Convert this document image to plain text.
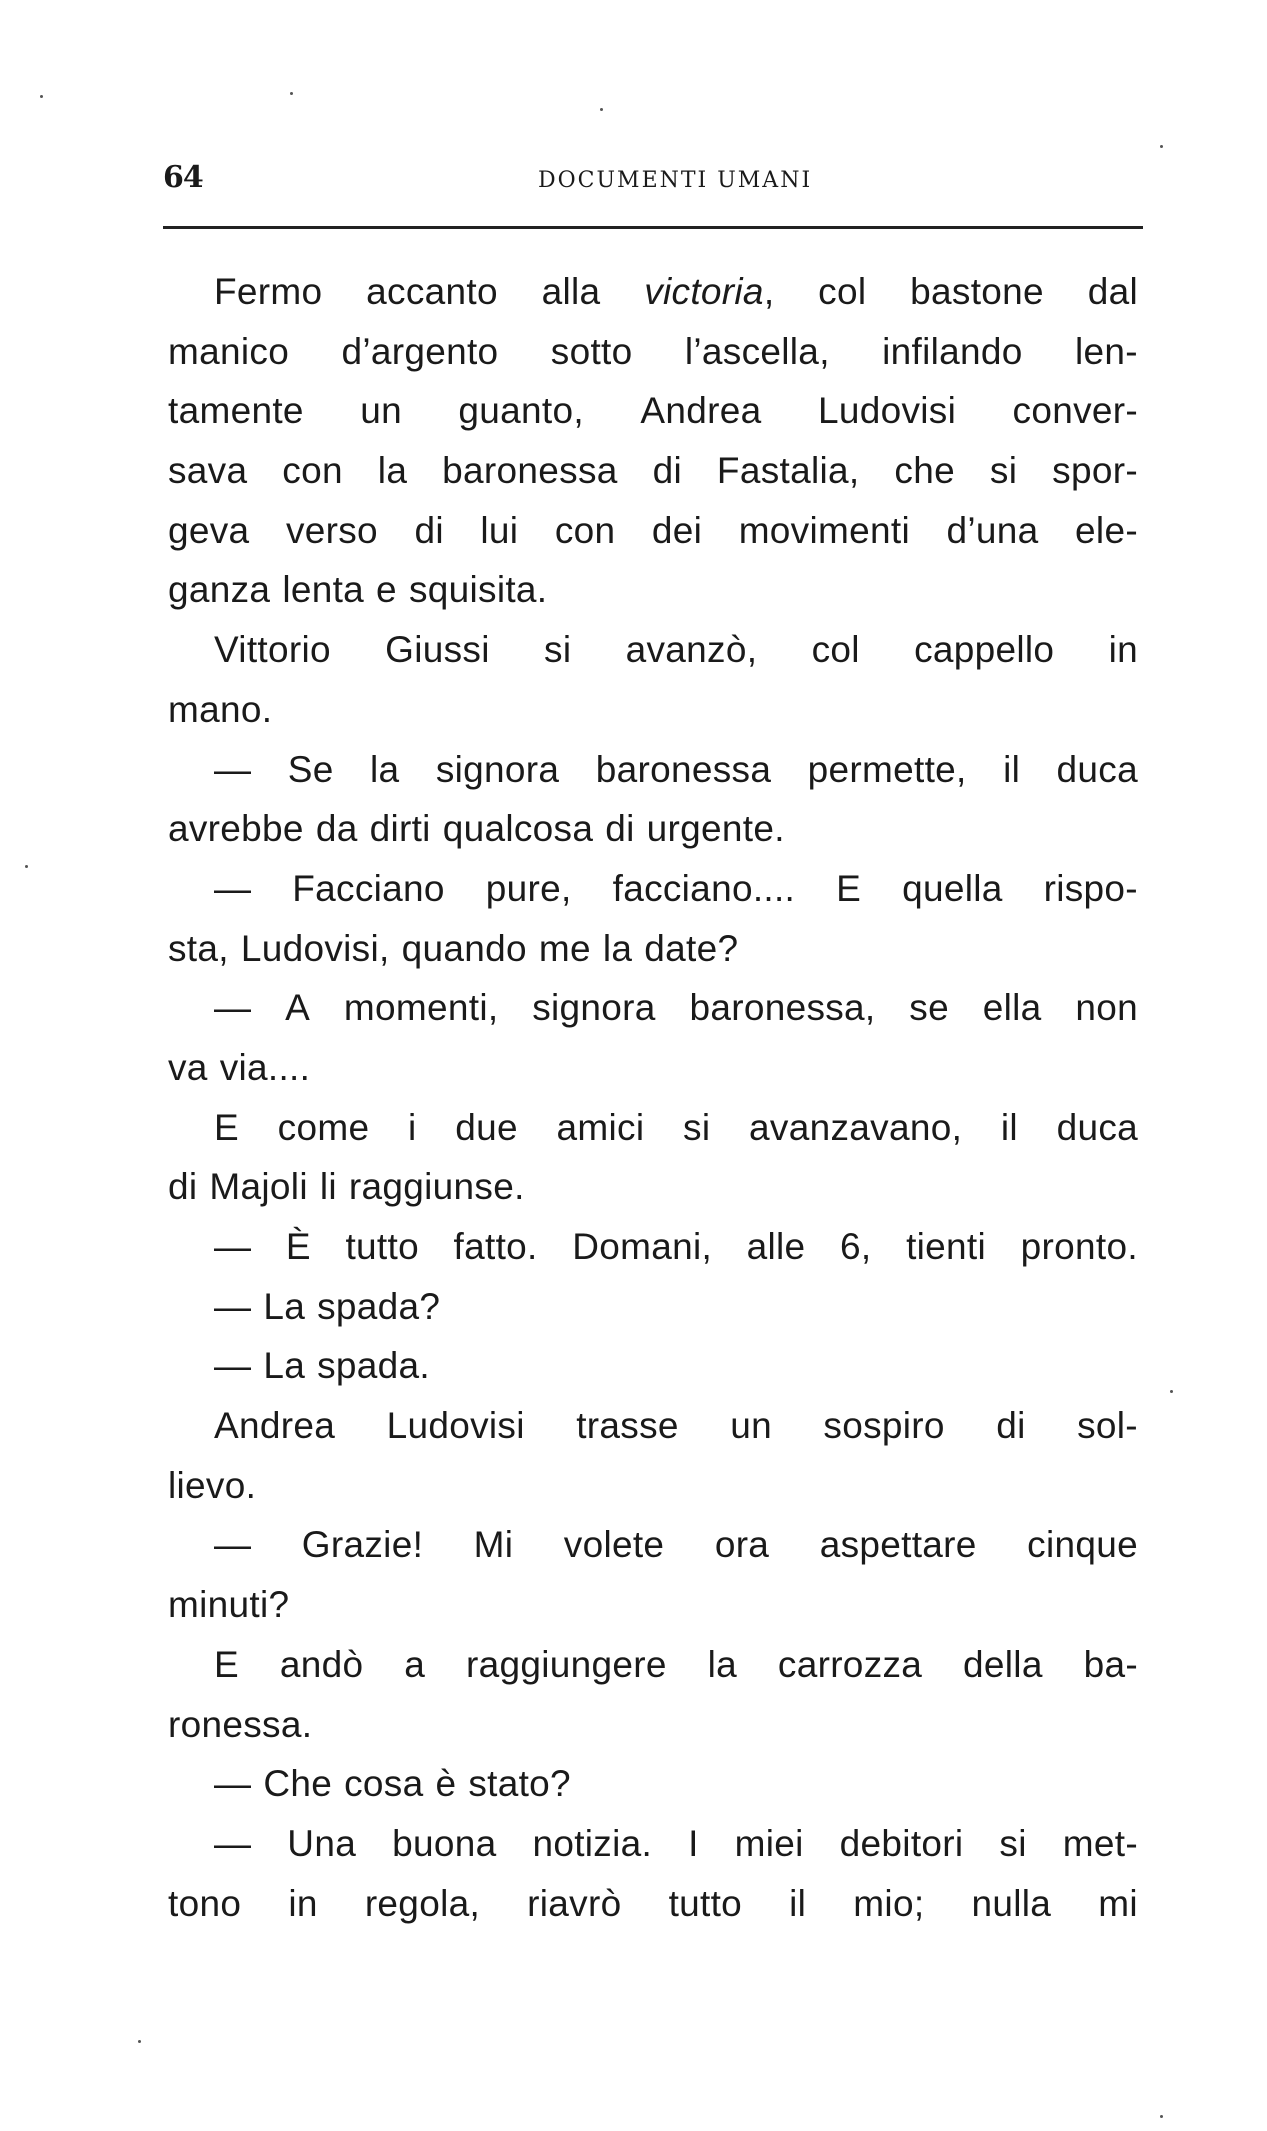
64	DOCUMENTI UMANI
Fermo accanto alla victoria, col bastone dal
manico d’argento sotto l’ascella, infilando len-
tamente un guanto, Andrea Ludovisi conver-
sava con la baronessa di Fastalia, che si spor-
geva verso di lui con dei movimenti d’una ele-
ganza lenta e squisita.
Vittorio Giussi si avanzò, col cappello in
mano.
— Se la signora baronessa permette, il duca
avrebbe da dirti qualcosa di urgente.
— Facciano pure, facciano.... E quella rispo-
sta, Ludovisi, quando me la date?
— A momenti, signora baronessa, se ella non
va via....
E come i due amici si avanzavano, il duca
di Majoli li raggiunse.
— È tutto fatto. Domani, alle 6, tienti pronto.
— La spada?
— La spada.
Andrea Ludovisi trasse un sospiro di sol-
lievo.
— Grazie! Mi volete ora aspettare cinque
minuti?
E andò a raggiungere la carrozza della ba-
ronessa.
— Che cosa è stato?
— Una buona notizia. I miei debitori si met-
tono in regola, riavrò tutto il mio; nulla mi
